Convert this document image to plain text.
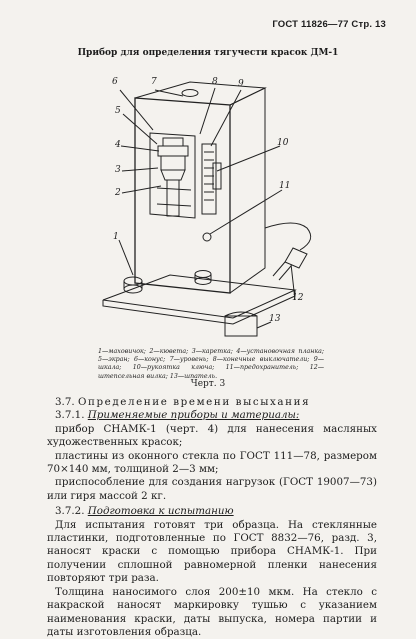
ГОСТ 11826—77 Стр. 13
Прибор для определения тягучести красок ДМ-1
6	7	8 9
5
4
3
2
10
11
1
12
13
1—маховичок; 2—кювета; 3—каретка; 4—установочная планка; 5—экран; 6—конус; 7—уровень; 8—конечные выключатели; 9—шкала; 10—рукоятка ключа; 11—предохранитель; 12—штепсельная вилка; 13—шпатель.
Черт. 3

3.7. Определение времени высыхания

3.7.1. Применяемые приборы и материалы:

прибор СНАМК-1 (черт. 4) для нанесения масляных художественных красок;

пластины из оконного стекла по ГОСТ 111—78, размером 70×140 мм, толщиной 2—3 мм;

приспособление для создания нагрузок (ГОСТ 19007—73) или гиря массой 2 кг.

3.7.2. Подготовка к испытанию

Для испытания готовят три образца. На стеклянные пластинки, подготовленные по ГОСТ 8832—76, разд. 3, наносят краски с помощью прибора СНАМК-1. При получении сплошной равномерной пленки нанесения повторяют три раза.

Толщина наносимого слоя 200±10 мкм. На стекло с накраской наносят маркировку тушью с указанием наименования краски, даты выпуска, номера партии и даты изготовления образца.
